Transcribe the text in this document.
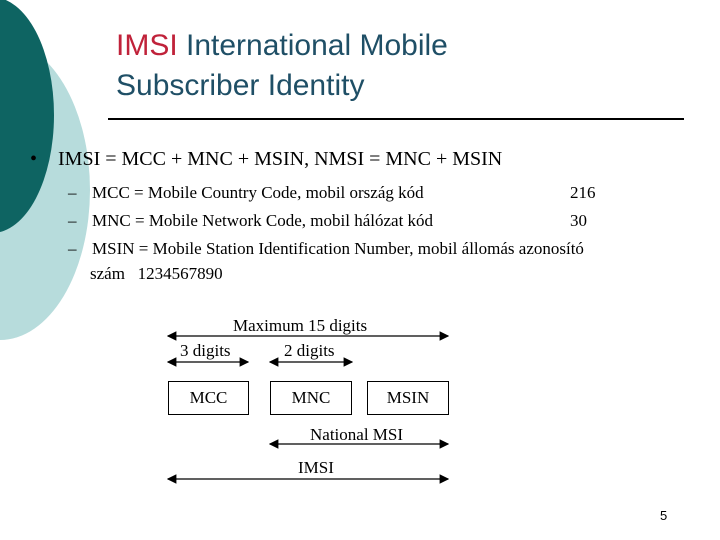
IMSI International Mobile
Subscriber Identity
• IMSI = MCC + MNC + MSIN, NMSI = MNC + MSIN
– MCC = Mobile Country Code, mobil ország kód	216
– MNC = Mobile Network Code, mobil hálózat kód	30
– MSIN = Mobile Station Identification Number, mobil állomás azonosító
szám   1234567890
Maximum 15 digits
3 digits	2 digits
MCC	MNC	MSIN
National MSI
IMSI
5
